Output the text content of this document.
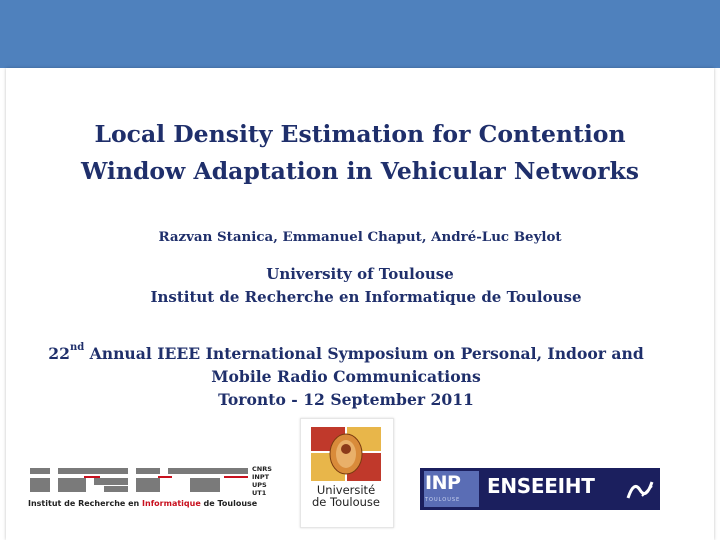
Local Density Estimation for Contention
Window Adaptation in Vehicular Networks
Razvan Stanica, Emmanuel Chaput, André-Luc Beylot
University of Toulouse
Institut de Recherche en Informatique de Toulouse
22nd Annual IEEE International Symposium on Personal, Indoor and
Mobile Radio Communications
Toronto - 12 September 2011
Institut de Recherche en Informatique de Toulouse
CNRS
INPT
UPS
UT1	Université
de Toulouse
INP
TOULOUSE
ENSEEIHT
